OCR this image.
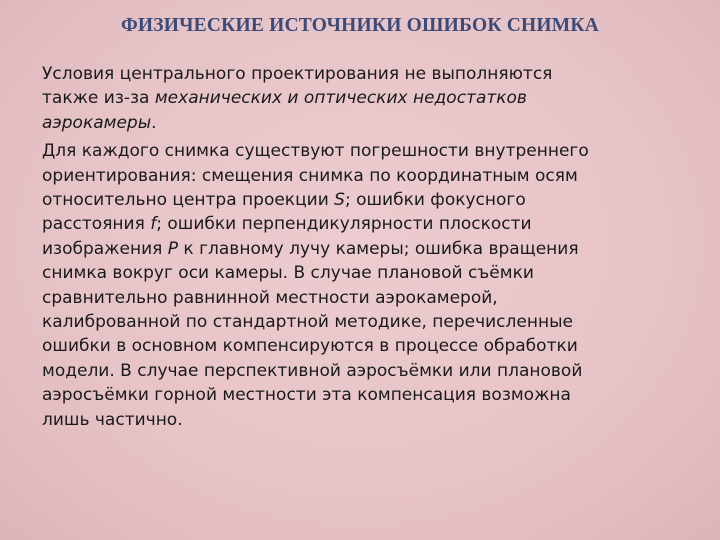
ФИЗИЧЕСКИЕ ИСТОЧНИКИ ОШИБОК СНИМКА

Условия центрального проектирования не выполняются
также из-за механических и оптических недостатков
аэрокамеры.

Для каждого снимка существуют погрешности внутреннего
ориентирования: смещения снимка по координатным осям
относительно центра проекции S; ошибки фокусного
расстояния f; ошибки перпендикулярности плоскости
изображения P к главному лучу камеры; ошибка вращения
снимка вокруг оси камеры. В случае плановой съёмки
сравнительно равнинной местности аэрокамерой,
калиброванной по стандартной методике, перечисленные
ошибки в основном компенсируются в процессе обработки
модели. В случае перспективной аэросъёмки или плановой
аэросъёмки горной местности эта компенсация возможна
лишь частично.
